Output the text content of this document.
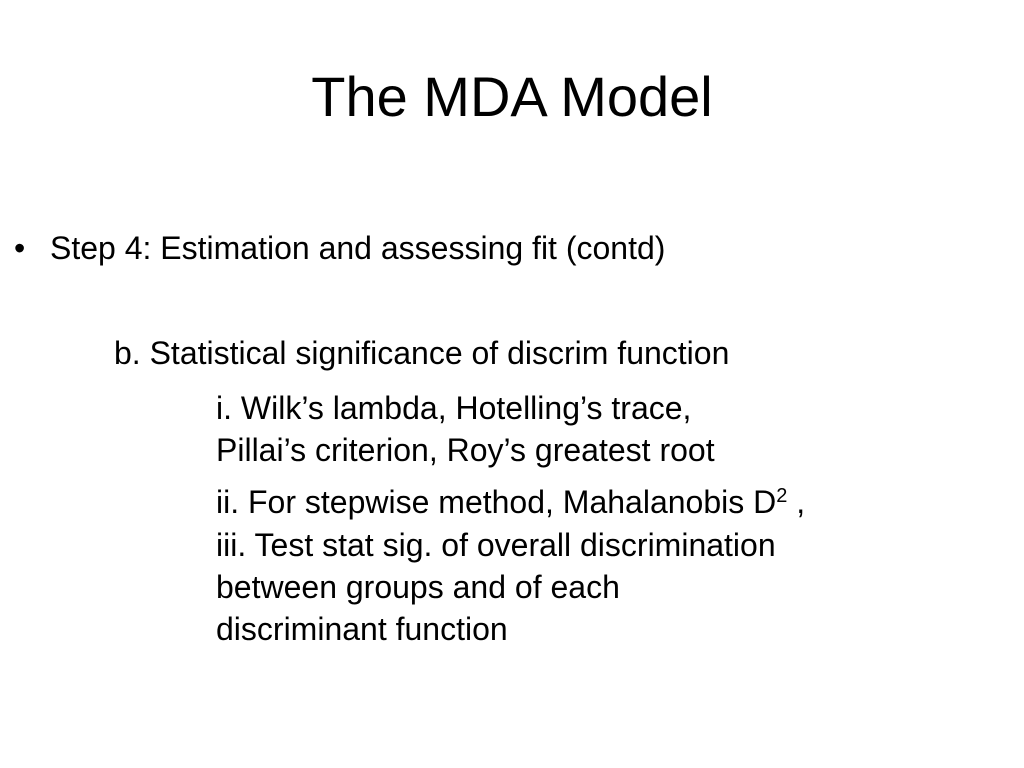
The MDA Model
• Step 4: Estimation and assessing fit (contd)
b. Statistical significance of discrim function
i. Wilk’s lambda, Hotelling’s trace,
Pillai’s criterion, Roy’s greatest root
ii. For stepwise method, Mahalanobis $D^2$ ,
iii. Test stat sig. of overall discrimination
between groups and of each
discriminant function
